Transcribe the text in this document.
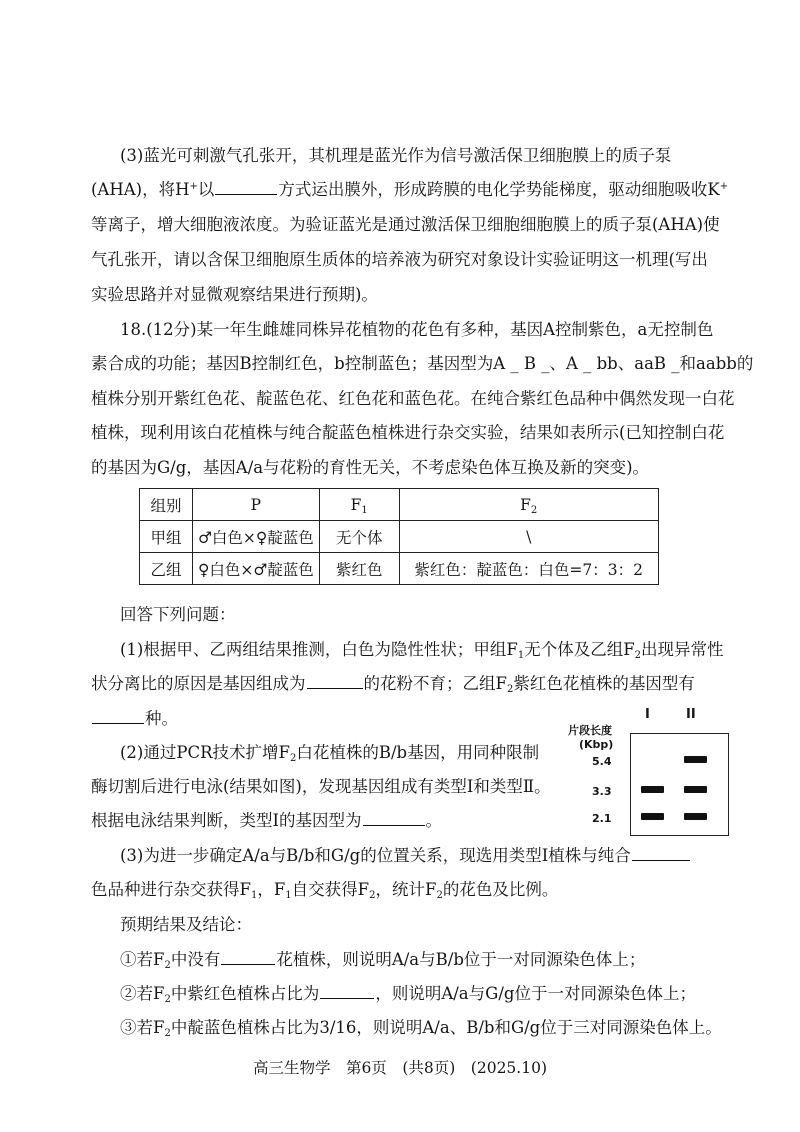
(3)蓝光可刺激气孔张开，其机理是蓝光作为信号激活保卫细胞膜上的质子泵
(AHA)，将H+以	方式运出膜外，形成跨膜的电化学势能梯度，驱动细胞吸收K+
等离子，增大细胞液浓度。为验证蓝光是通过激活保卫细胞细胞膜上的质子泵(AHA)使
气孔张开，请以含保卫细胞原生质体的培养液为研究对象设计实验证明这一机理(写出
实验思路并对显微观察结果进行预期)。
18.(12分)某一年生雌雄同株异花植物的花色有多种，基因A控制紫色，a无控制色
素合成的功能；基因B控制红色，b控制蓝色；基因型为A _ B _、A _ bb、aaB _和aabb的
植株分别开紫红色花、靛蓝色花、红色花和蓝色花。在纯合紫红色品种中偶然发现一白花
植株，现利用该白花植株与纯合靛蓝色植株进行杂交实验，结果如表所示(已知控制白花
的基因为G/g，基因A/a与花粉的育性无关，不考虑染色体互换及新的突变)。
组别	P	$F_1$	$F_2$
甲组	♂白色×♀靛蓝色	无个体	\
乙组	♀白色×♂靛蓝色	紫红色	紫红色：靛蓝色：白色=7：3：2
回答下列问题：
(1)根据甲、乙两组结果推测，白色为隐性性状；甲组$F_1$无个体及乙组$F_2$出现异常性
状分离比的原因是基因组成为	的花粉不育；乙组$F_2$紫红色花植株的基因型有
种。
(2)通过PCR技术扩增$F_2$白花植株的B/b基因，用同种限制
酶切割后进行电泳(结果如图)，发现基因组成有类型Ⅰ和类型Ⅱ。
根据电泳结果判断，类型Ⅰ的基因型为	。
片段长度
(Kbp)
I	II
5.4
3.3
2.1
(3)为进一步确定A/a与B/b和G/g的位置关系，现选用类型Ⅰ植株与纯合
色品种进行杂交获得$F_1$，$F_1$自交获得$F_2$，统计$F_2$的花色及比例。
预期结果及结论：
①若$F_2$中没有	花植株，则说明A/a与B/b位于一对同源染色体上；
②若$F_2$中紫红色植株占比为	，则说明A/a与G/g位于一对同源染色体上；
③若$F_2$中靛蓝色植株占比为3/16，则说明A/a、B/b和G/g位于三对同源染色体上。
高三生物学　第6页　(共8页)　(2025.10)
